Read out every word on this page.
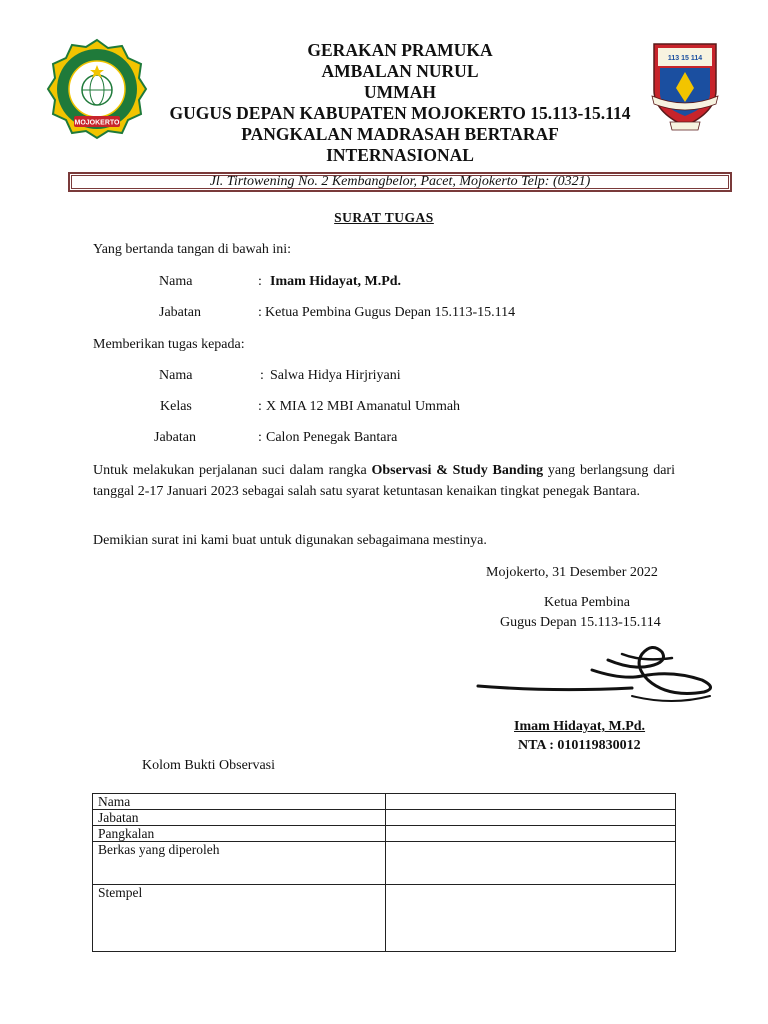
MOJOKERTO
GERAKAN PRAMUKA
AMBALAN NURUL
UMMAH
GUGUS DEPAN KABUPATEN MOJOKERTO 15.113-15.114
PANGKALAN MADRASAH BERTARAF
INTERNASIONAL
113 15 114
Jl. Tirtowening No. 2 Kembangbelor, Pacet, Mojokerto Telp: (0321)
SURAT TUGAS
Yang bertanda tangan di bawah ini:
Nama	: Imam Hidayat, M.Pd.
Jabatan	: Ketua Pembina Gugus Depan 15.113-15.114
Memberikan tugas kepada:
Nama	: Salwa Hidya Hirjriyani
Kelas	: X MIA 12 MBI Amanatul Ummah
Jabatan	: Calon Penegak Bantara
Untuk melakukan perjalanan suci dalam rangka Observasi & Study Banding yang berlangsung dari tanggal 2-17 Januari 2023 sebagai salah satu syarat ketuntasan kenaikan tingkat penegak Bantara.
Demikian surat ini kami buat untuk digunakan sebagaimana mestinya.
Mojokerto, 31 Desember 2022
Ketua Pembina
Gugus Depan 15.113-15.114
Imam Hidayat, M.Pd.
NTA : 010119830012
Kolom Bukti Observasi
Nama	
Jabatan	
Pangkalan	
Berkas yang diperoleh	
Stempel	
